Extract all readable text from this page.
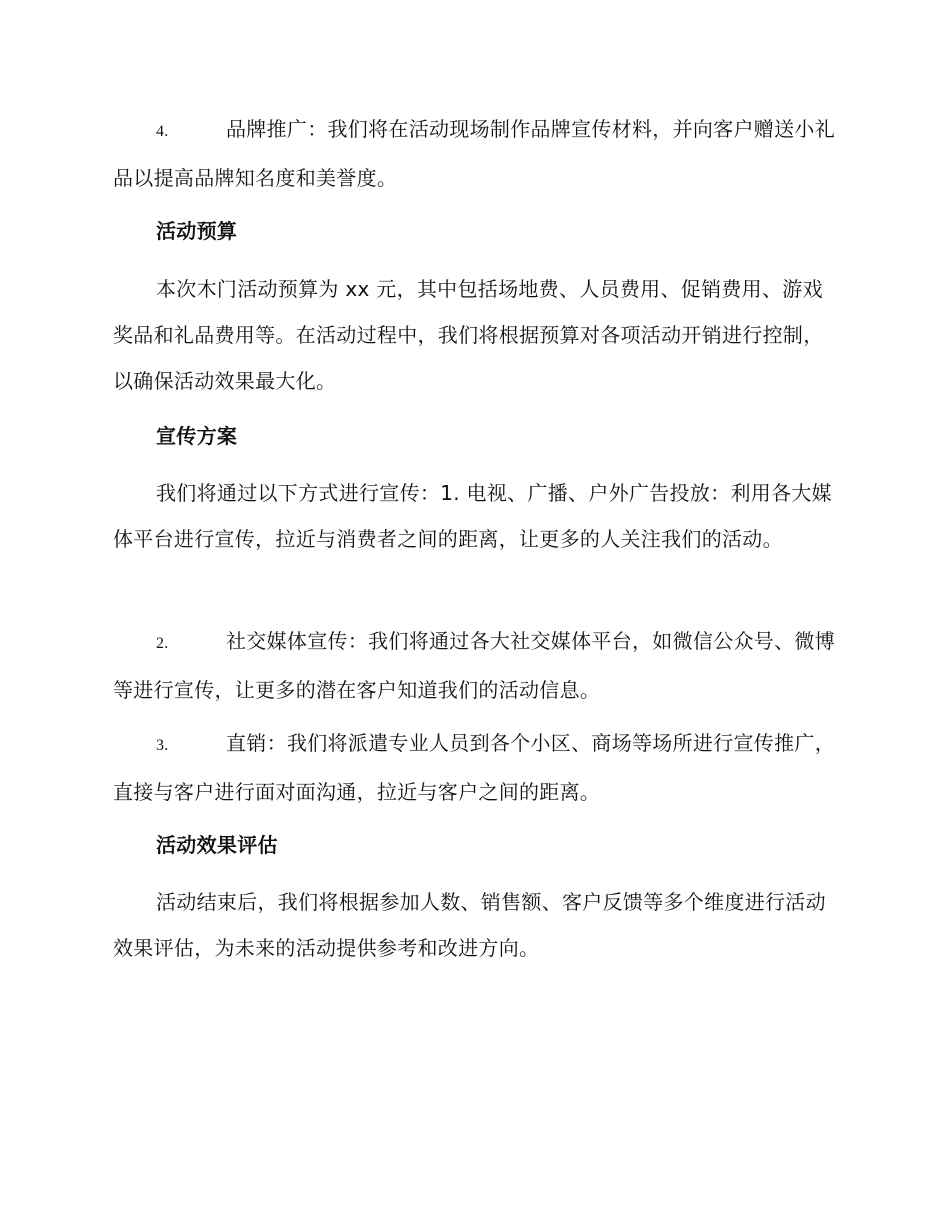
4.	品牌推广：我们将在活动现场制作品牌宣传材料，并向客户赠送小礼品以提高品牌知名度和美誉度。

活动预算

本次木门活动预算为 xx 元，其中包括场地费、人员费用、促销费用、游戏奖品和礼品费用等。在活动过程中，我们将根据预算对各项活动开销进行控制，以确保活动效果最大化。

宣传方案

我们将通过以下方式进行宣传：1. 电视、广播、户外广告投放：利用各大媒体平台进行宣传，拉近与消费者之间的距离，让更多的人关注我们的活动。

2.	社交媒体宣传：我们将通过各大社交媒体平台，如微信公众号、微博等进行宣传，让更多的潜在客户知道我们的活动信息。

3.	直销：我们将派遣专业人员到各个小区、商场等场所进行宣传推广，直接与客户进行面对面沟通，拉近与客户之间的距离。

活动效果评估

活动结束后，我们将根据参加人数、销售额、客户反馈等多个维度进行活动效果评估，为未来的活动提供参考和改进方向。
